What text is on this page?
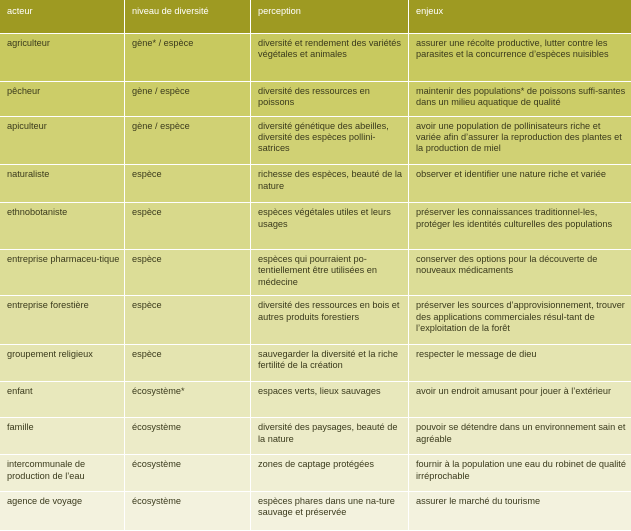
acteur	niveau de diversité	perception	enjeux
agriculteur	gène* / espèce	diversité et rendement des variétés végétales et animales	assurer une récolte productive, lutter contre les parasites et la concurrence d’espèces nuisibles
pêcheur	gène / espèce	diversité des ressources en poissons	maintenir des populations* de poissons suffi-santes dans un milieu aquatique de qualité
apiculteur	gène / espèce	diversité génétique des abeilles, diversité des espèces pollini-satrices	avoir une population de pollinisateurs riche et variée afin d’assurer la reproduction des plantes et la production de miel
naturaliste	espèce	richesse des espèces, beauté de la nature	observer et identifier une nature riche et variée
ethnobotaniste	espèce	espèces végétales utiles et leurs usages	préserver les connaissances traditionnel-les, protéger les identités culturelles des populations
entreprise pharmaceu-tique	espèce	espèces qui pourraient po-tentiellement être utilisées en médecine	conserver des options pour la découverte de nouveaux médicaments
entreprise forestière	espèce	diversité des ressources en bois et autres produits forestiers	préserver les sources d’approvisionnement, trouver des applications commerciales résul-tant de l’exploitation de la forêt
groupement religieux	espèce	sauvegarder la diversité et la riche fertilité de la création	respecter le message de dieu
enfant	écosystème*	espaces verts, lieux sauvages	avoir un endroit amusant pour jouer à l’extérieur
famille	écosystème	diversité des paysages, beauté de la nature	pouvoir se détendre dans un environnement sain et agréable
intercommunale de production de l’eau	écosystème	zones de captage protégées	fournir à la population une eau du robinet de qualité irréprochable
agence de voyage	écosystème	espèces phares dans une na-ture sauvage et préservée	assurer le marché du tourisme
